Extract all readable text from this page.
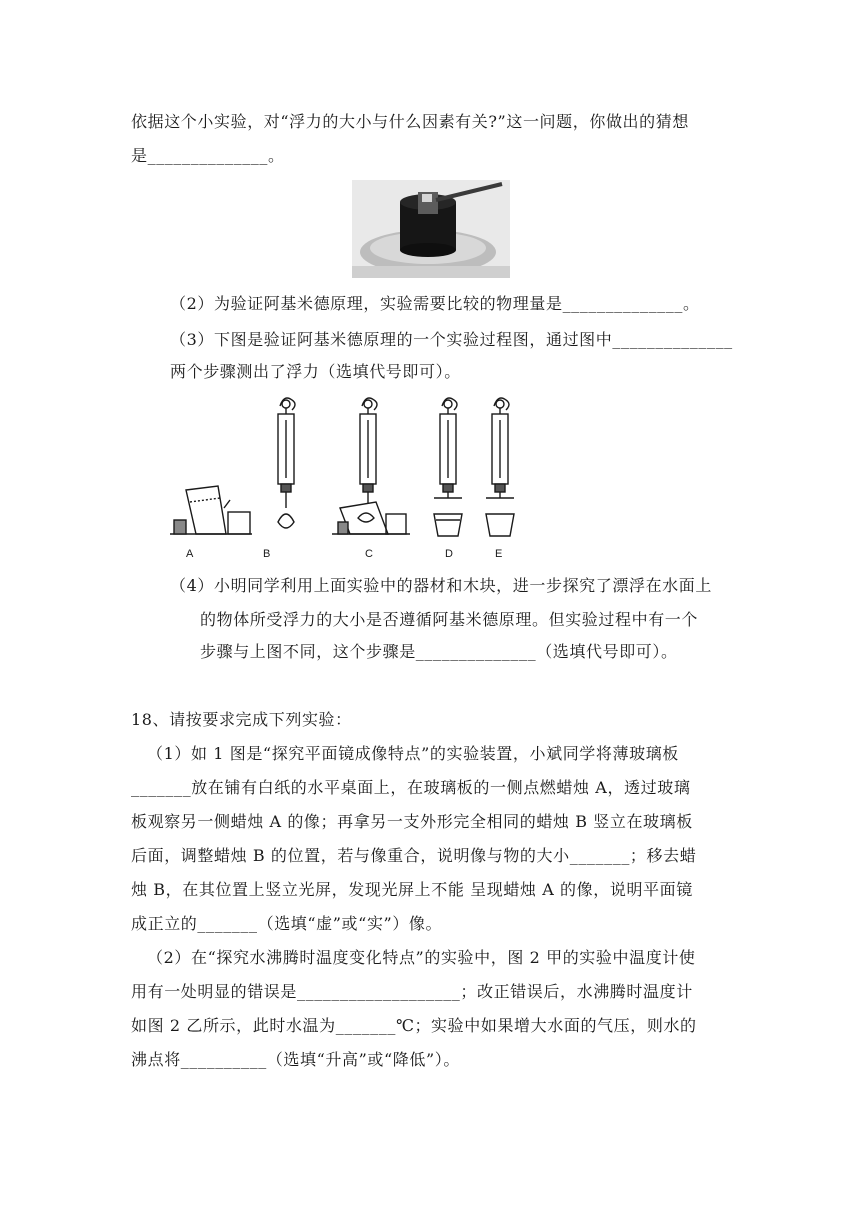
依据这个小实验，对“浮力的大小与什么因素有关?”这一问题，你做出的猜想
是______________。
（2）为验证阿基米德原理，实验需要比较的物理量是______________。
（3）下图是验证阿基米德原理的一个实验过程图，通过图中______________
两个步骤测出了浮力（选填代号即可）。
A	B	C	D	E
（4）小明同学利用上面实验中的器材和木块，进一步探究了漂浮在水面上
的物体所受浮力的大小是否遵循阿基米德原理。但实验过程中有一个
步骤与上图不同，这个步骤是______________（选填代号即可）。
18、请按要求完成下列实验：
（1）如 1 图是“探究平面镜成像特点”的实验装置，小斌同学将薄玻璃板
_______放在铺有白纸的水平桌面上，在玻璃板的一侧点燃蜡烛 A，透过玻璃
板观察另一侧蜡烛 A 的像；再拿另一支外形完全相同的蜡烛 B 竖立在玻璃板
后面，调整蜡烛 B 的位置，若与像重合，说明像与物的大小_______；移去蜡
烛 B，在其位置上竖立光屏，发现光屏上不能 呈现蜡烛 A 的像，说明平面镜
成正立的_______（选填“虚”或“实”）像。
（2）在“探究水沸腾时温度变化特点”的实验中，图 2 甲的实验中温度计使
用有一处明显的错误是___________________；改正错误后，水沸腾时温度计
如图 2 乙所示，此时水温为_______℃；实验中如果增大水面的气压，则水的
沸点将__________（选填“升高”或“降低”）。
